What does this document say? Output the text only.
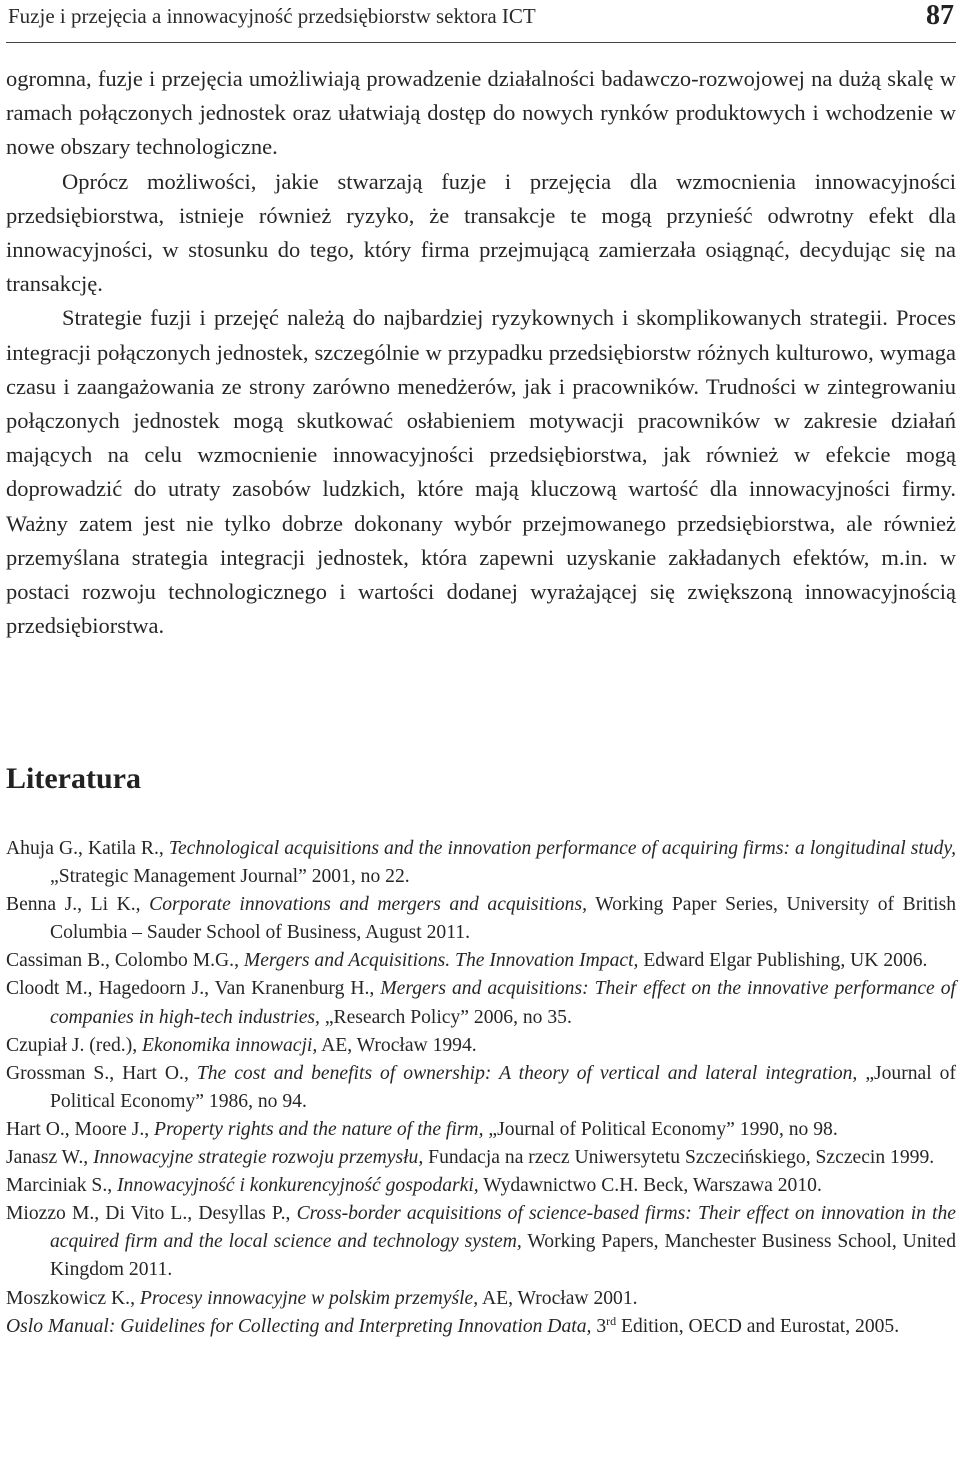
Fuzje i przejęcia a innowacyjność przedsiębiorstw sektora ICT	87

ogromna, fuzje i przejęcia umożliwiają prowadzenie działalności badawczo-rozwojowej na dużą skalę w ramach połączonych jednostek oraz ułatwiają dostęp do nowych rynków produktowych i wchodzenie w nowe obszary technologiczne.

Oprócz możliwości, jakie stwarzają fuzje i przejęcia dla wzmocnienia innowacyjności przedsiębiorstwa, istnieje również ryzyko, że transakcje te mogą przynieść odwrotny efekt dla innowacyjności, w stosunku do tego, który firma przejmującą zamierzała osiągnąć, decydując się na transakcję.

Strategie fuzji i przejęć należą do najbardziej ryzykownych i skomplikowanych strategii. Proces integracji połączonych jednostek, szczególnie w przypadku przedsiębiorstw różnych kulturowo, wymaga czasu i zaangażowania ze strony zarówno menedżerów, jak i pracowników. Trudności w zintegrowaniu połączonych jednostek mogą skutkować osłabieniem motywacji pracowników w zakresie działań mających na celu wzmocnienie innowacyjności przedsiębiorstwa, jak również w efekcie mogą doprowadzić do utraty zasobów ludzkich, które mają kluczową wartość dla innowacyjności firmy. Ważny zatem jest nie tylko dobrze dokonany wybór przejmowanego przedsiębiorstwa, ale również przemyślana strategia integracji jednostek, która zapewni uzyskanie zakładanych efektów, m.in. w postaci rozwoju technologicznego i wartości dodanej wyrażającej się zwiększoną innowacyjnością przedsiębiorstwa.

Literatura

Ahuja G., Katila R., Technological acquisitions and the innovation performance of acquiring firms: a longitudinal study, „Strategic Management Journal” 2001, no 22.

Benna J., Li K., Corporate innovations and mergers and acquisitions, Working Paper Series, University of British Columbia – Sauder School of Business, August 2011.

Cassiman B., Colombo M.G., Mergers and Acquisitions. The Innovation Impact, Edward Elgar Publishing, UK 2006.

Cloodt M., Hagedoorn J., Van Kranenburg H., Mergers and acquisitions: Their effect on the innovative performance of companies in high-tech industries, „Research Policy” 2006, no 35.

Czupiał J. (red.), Ekonomika innowacji, AE, Wrocław 1994.

Grossman S., Hart O., The cost and benefits of ownership: A theory of vertical and lateral integration, „Journal of Political Economy” 1986, no 94.

Hart O., Moore J., Property rights and the nature of the firm, „Journal of Political Economy” 1990, no 98.

Janasz W., Innowacyjne strategie rozwoju przemysłu, Fundacja na rzecz Uniwersytetu Szczecińskiego, Szczecin 1999.

Marciniak S., Innowacyjność i konkurencyjność gospodarki, Wydawnictwo C.H. Beck, Warszawa 2010.

Miozzo M., Di Vito L., Desyllas P., Cross-border acquisitions of science-based firms: Their effect on innovation in the acquired firm and the local science and technology system, Working Papers, Manchester Business School, United Kingdom 2011.

Moszkowicz K., Procesy innowacyjne w polskim przemyśle, AE, Wrocław 2001.

Oslo Manual: Guidelines for Collecting and Interpreting Innovation Data, 3rd Edition, OECD and Eurostat, 2005.
